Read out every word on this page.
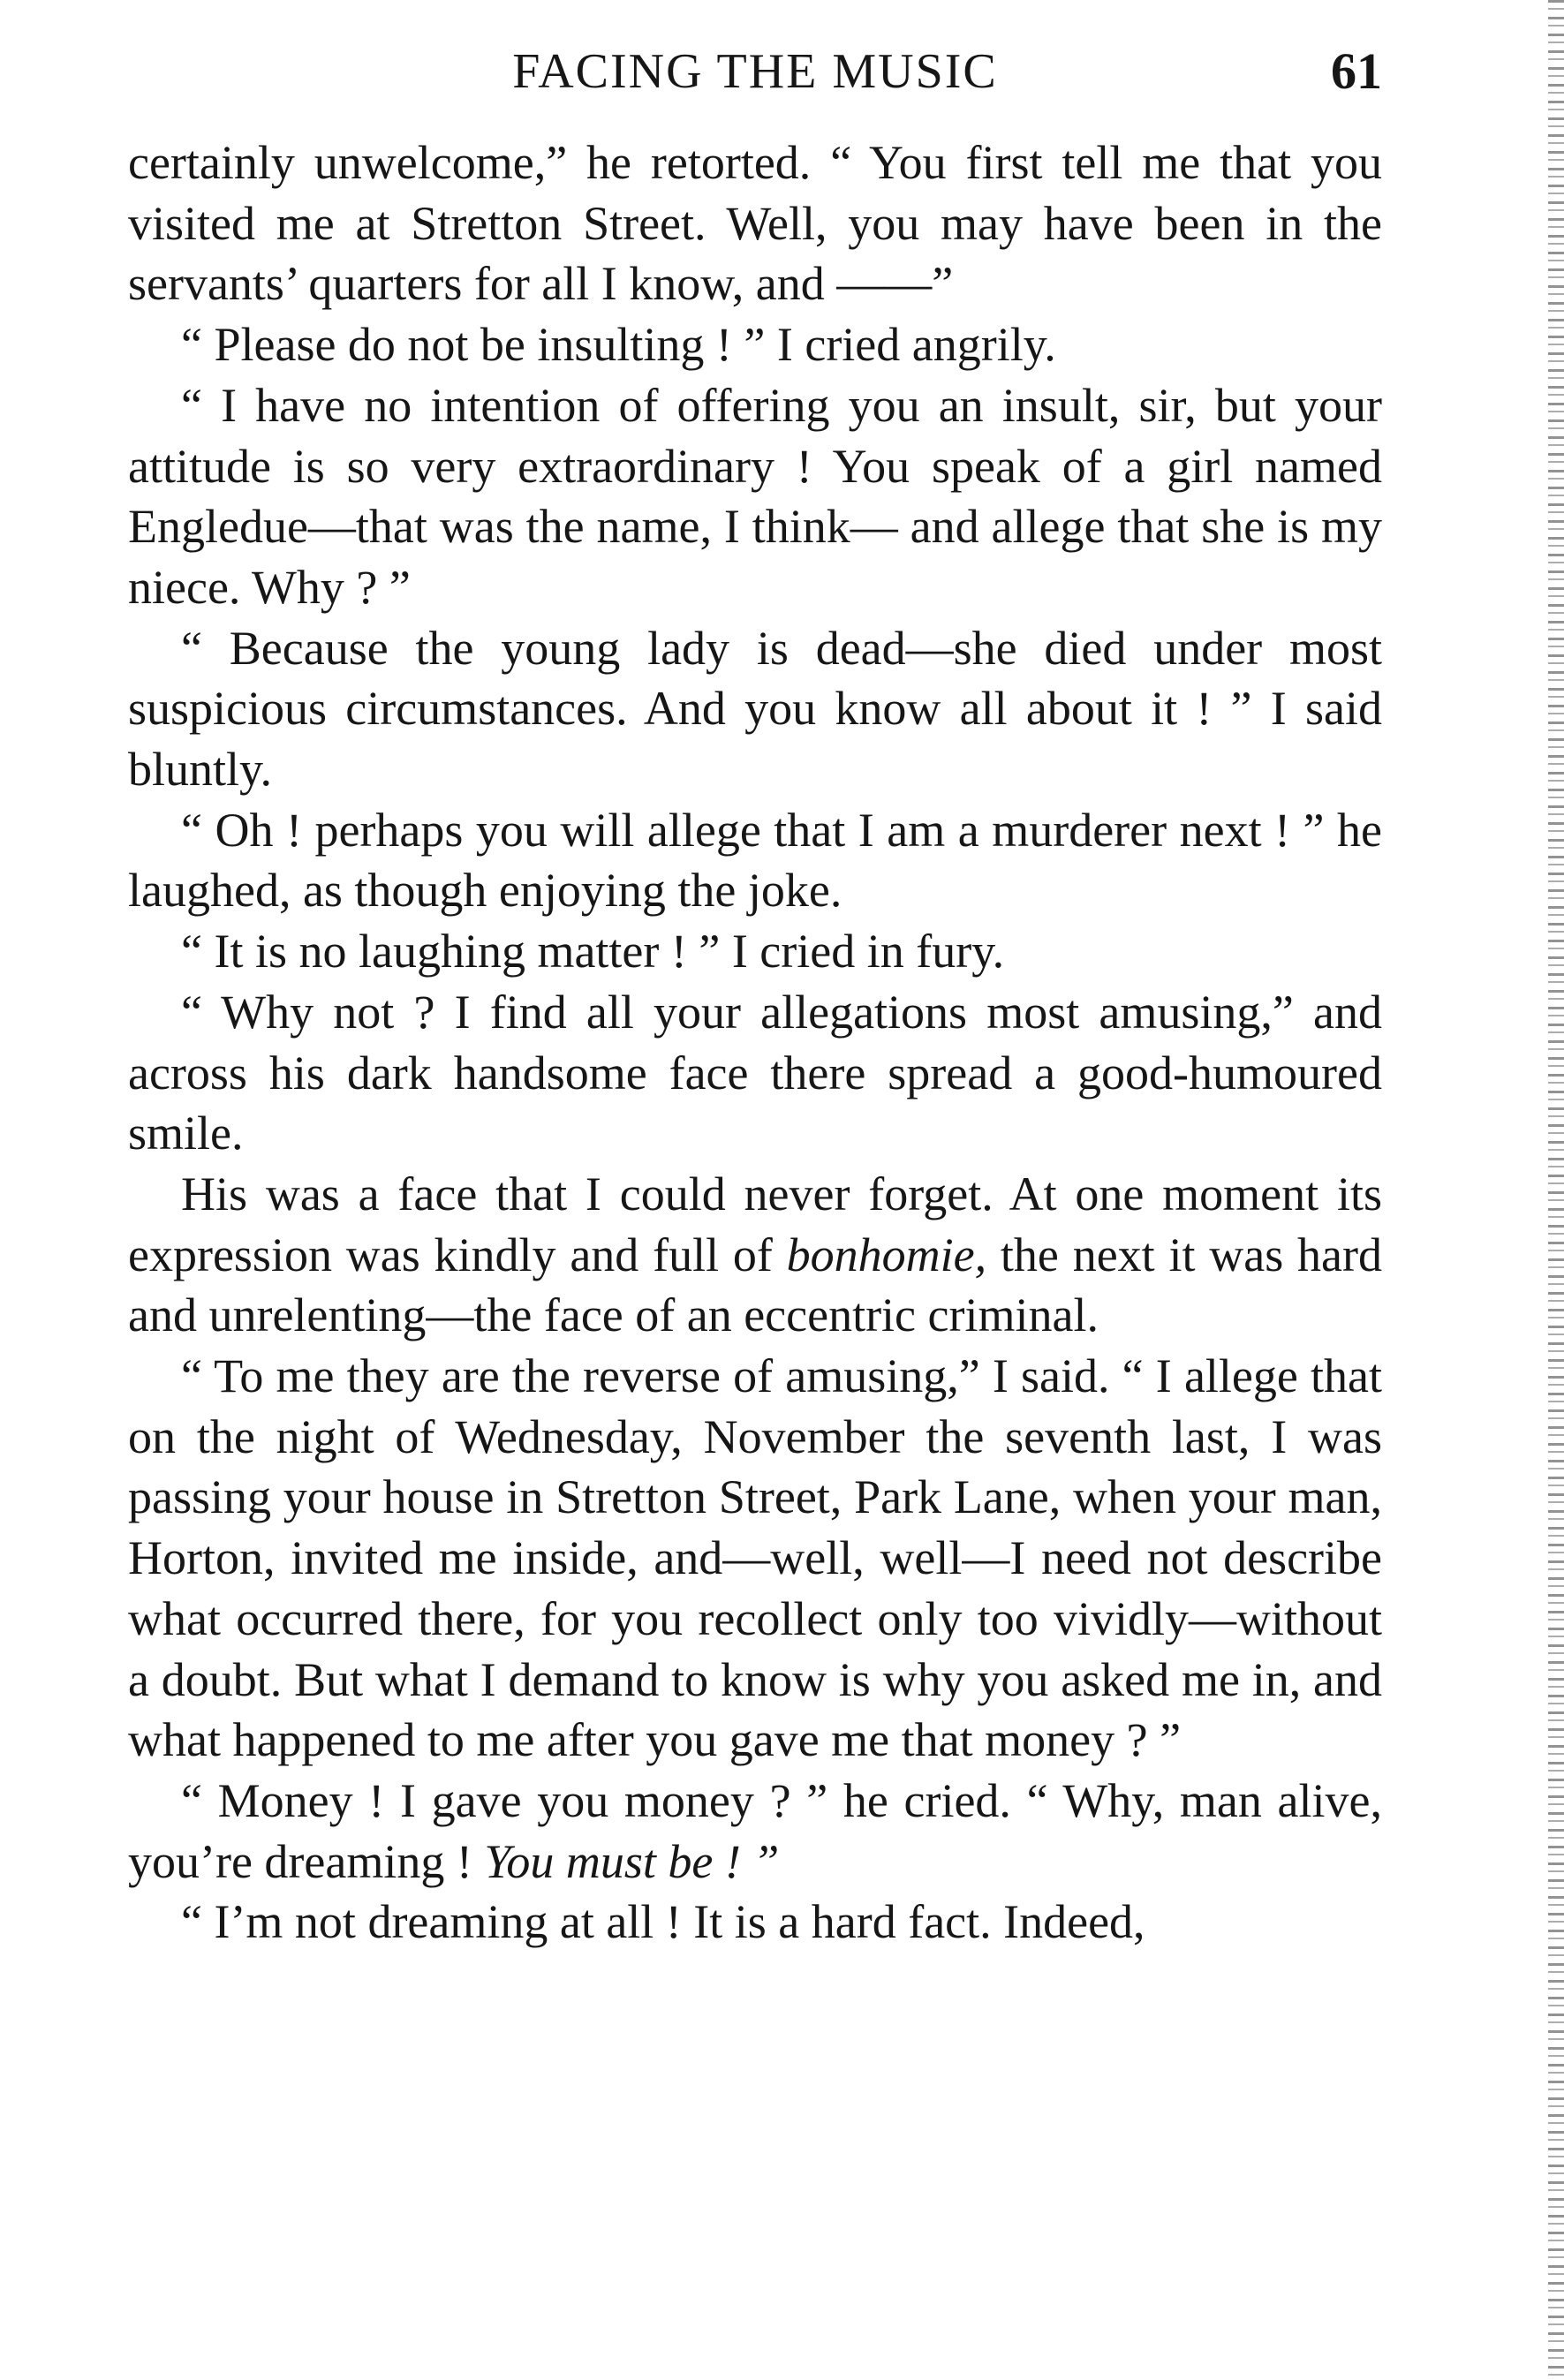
FACING THE MUSIC	61

certainly unwelcome,” he retorted. “ You first tell me that you visited me at Stretton Street. Well, you may have been in the servants’ quarters for all I know, and ——”

“ Please do not be insulting ! ” I cried angrily.

“ I have no intention of offering you an insult, sir, but your attitude is so very extraordinary ! You speak of a girl named Engledue—that was the name, I think— and allege that she is my niece. Why ? ”

“ Because the young lady is dead—she died under most suspicious circumstances. And you know all about it ! ” I said bluntly.

“ Oh ! perhaps you will allege that I am a murderer next ! ” he laughed, as though enjoying the joke.

“ It is no laughing matter ! ” I cried in fury.

“ Why not ? I find all your allegations most amusing,” and across his dark handsome face there spread a good-humoured smile.

His was a face that I could never forget. At one moment its expression was kindly and full of bonhomie, the next it was hard and unrelenting—the face of an eccentric criminal.

“ To me they are the reverse of amusing,” I said. “ I allege that on the night of Wednesday, November the seventh last, I was passing your house in Stretton Street, Park Lane, when your man, Horton, invited me inside, and—well, well—I need not describe what occurred there, for you recollect only too vividly—without a doubt. But what I demand to know is why you asked me in, and what happened to me after you gave me that money ? ”

“ Money ! I gave you money ? ” he cried. “ Why, man alive, you’re dreaming ! You must be ! ”

“ I’m not dreaming at all ! It is a hard fact. Indeed,
